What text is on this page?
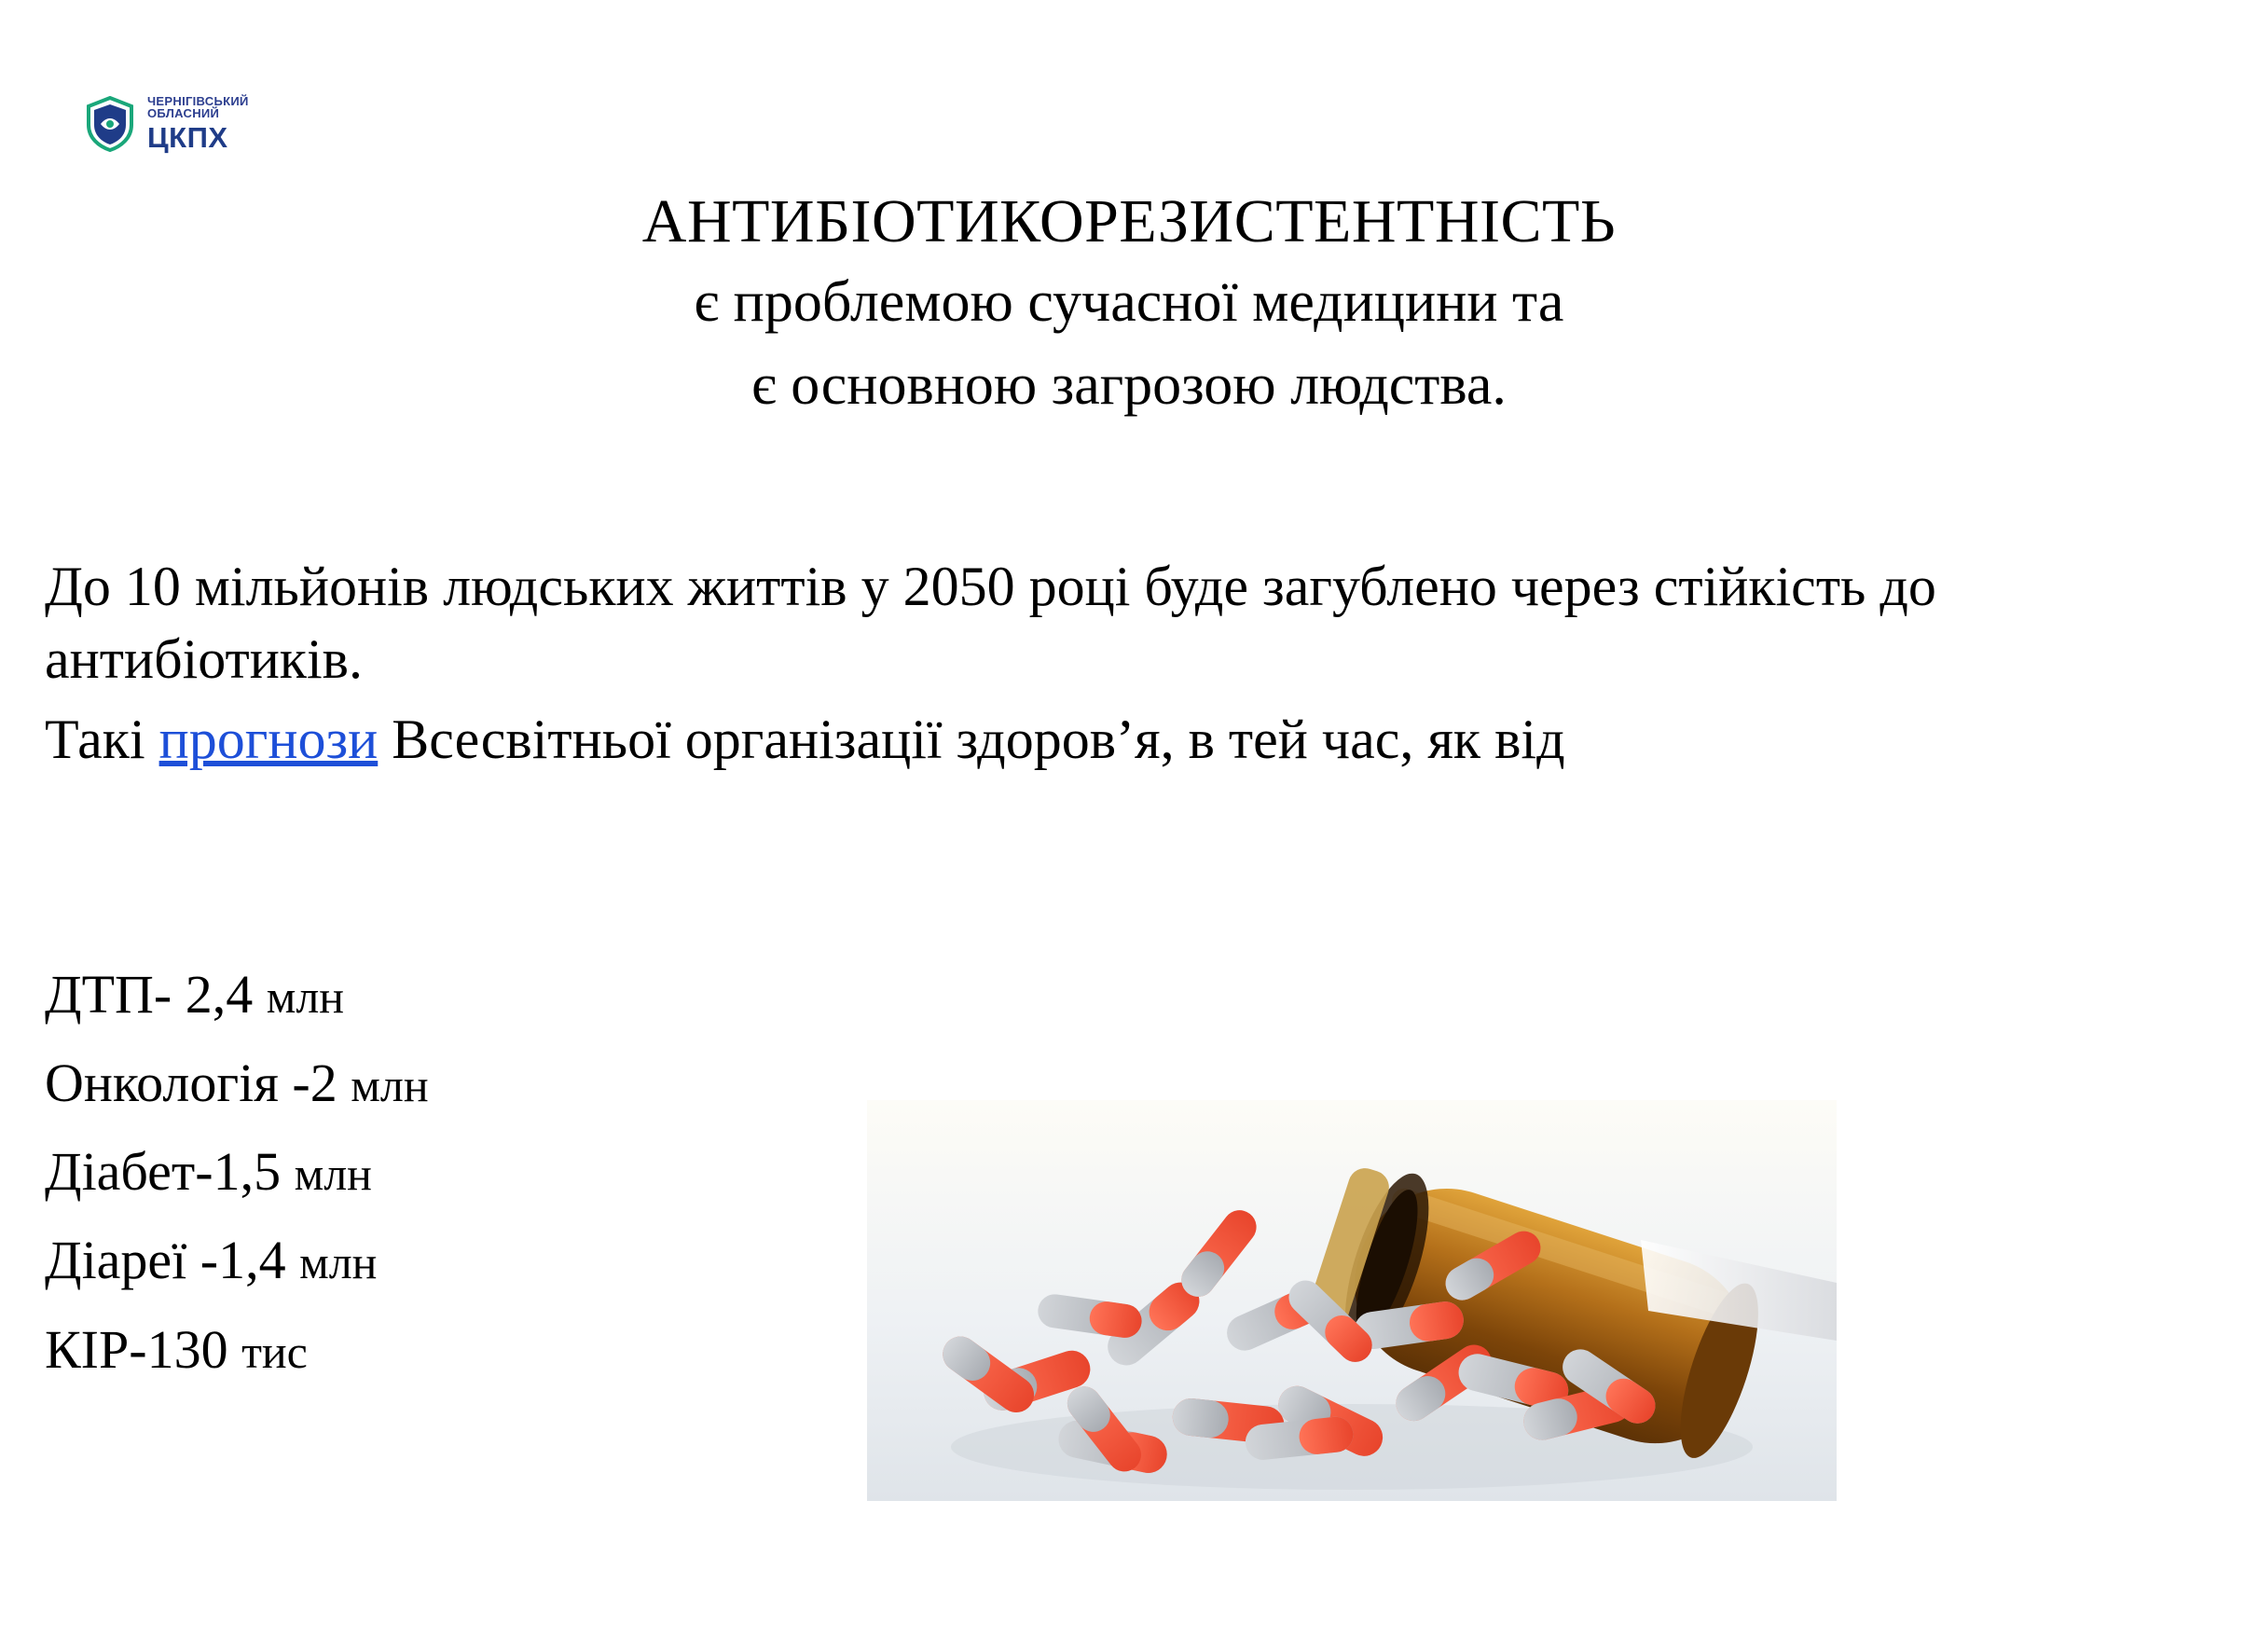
ЧЕРНІГІВСЬКИЙ
ОБЛАСНИЙ
ЦКПХ
АНТИБІОТИКОРЕЗИСТЕНТНІСТЬ
є проблемою сучасної медицини та
є основною загрозою людства.
До 10 мільйонів людських життів у 2050 році буде загублено через стійкість до антибіотиків.
Такі прогнози Всесвітньої організації здоров’я, в тей час, як від
ДТП- 2,4 млн
Онкологія -2 млн
Діабет-1,5 млн
Діареї -1,4 млн
КІР-130 тис
